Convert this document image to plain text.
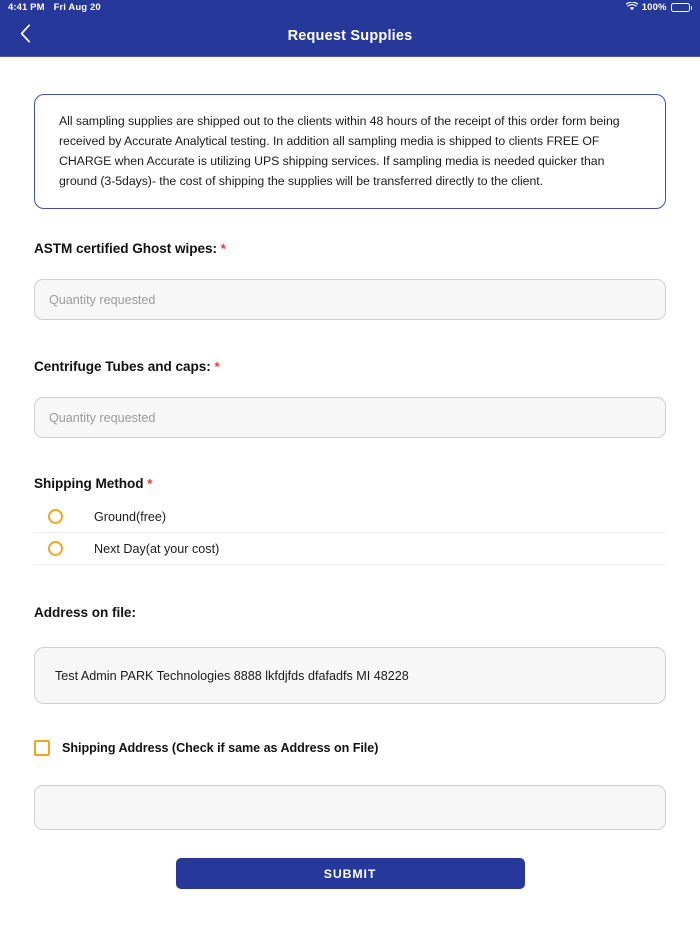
4:41 PM Fri Aug 20	100%
Request Supplies

All sampling supplies are shipped out to the clients within 48 hours of the receipt of this order form being received by Accurate Analytical testing. In addition all sampling media is shipped to clients FREE OF CHARGE when Accurate is utilizing UPS shipping services. If sampling media is needed quicker than ground (3-5days)- the cost of shipping the supplies will be transferred directly to the client.

ASTM certified Ghost wipes: *
Quantity requested
Centrifuge Tubes and caps: *
Quantity requested
Shipping Method *
Ground(free)
Next Day(at your cost)
Address on file:
Test Admin PARK Technologies 8888 lkfdjfds dfafadfs MI 48228
Shipping Address (Check if same as Address on File)
SUBMIT
